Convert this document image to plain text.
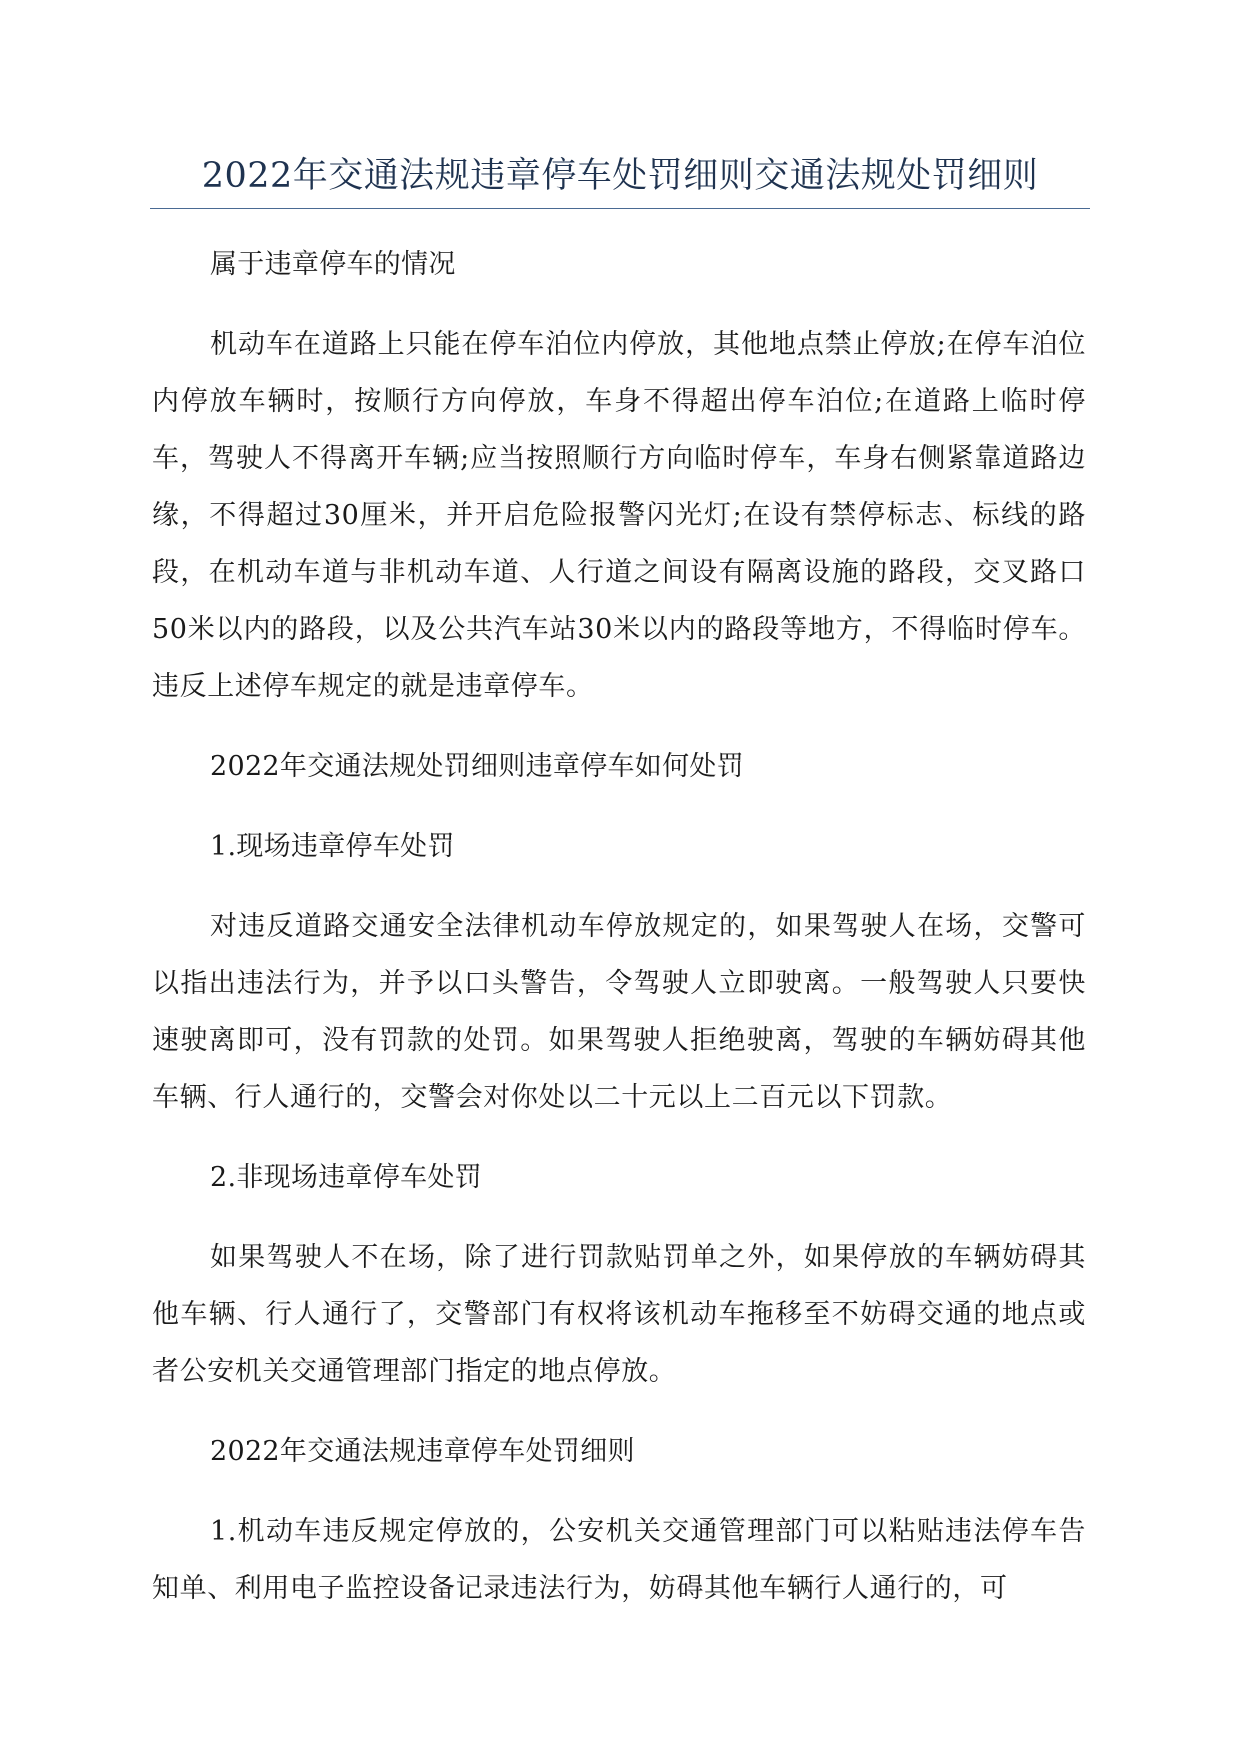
2022年交通法规违章停车处罚细则交通法规处罚细则

属于违章停车的情况

机动车在道路上只能在停车泊位内停放，其他地点禁止停放;在停车泊位内停放车辆时，按顺行方向停放，车身不得超出停车泊位;在道路上临时停车，驾驶人不得离开车辆;应当按照顺行方向临时停车，车身右侧紧靠道路边缘，不得超过30厘米，并开启危险报警闪光灯;在设有禁停标志、标线的路段，在机动车道与非机动车道、人行道之间设有隔离设施的路段，交叉路口50米以内的路段，以及公共汽车站30米以内的路段等地方，不得临时停车。违反上述停车规定的就是违章停车。

2022年交通法规处罚细则违章停车如何处罚

1.现场违章停车处罚

对违反道路交通安全法律机动车停放规定的，如果驾驶人在场，交警可以指出违法行为，并予以口头警告，令驾驶人立即驶离。一般驾驶人只要快速驶离即可，没有罚款的处罚。如果驾驶人拒绝驶离，驾驶的车辆妨碍其他车辆、行人通行的，交警会对你处以二十元以上二百元以下罚款。

2.非现场违章停车处罚

如果驾驶人不在场，除了进行罚款贴罚单之外，如果停放的车辆妨碍其他车辆、行人通行了，交警部门有权将该机动车拖移至不妨碍交通的地点或者公安机关交通管理部门指定的地点停放。

2022年交通法规违章停车处罚细则

1.机动车违反规定停放的，公安机关交通管理部门可以粘贴违法停车告知单、利用电子监控设备记录违法行为，妨碍其他车辆行人通行的，可
